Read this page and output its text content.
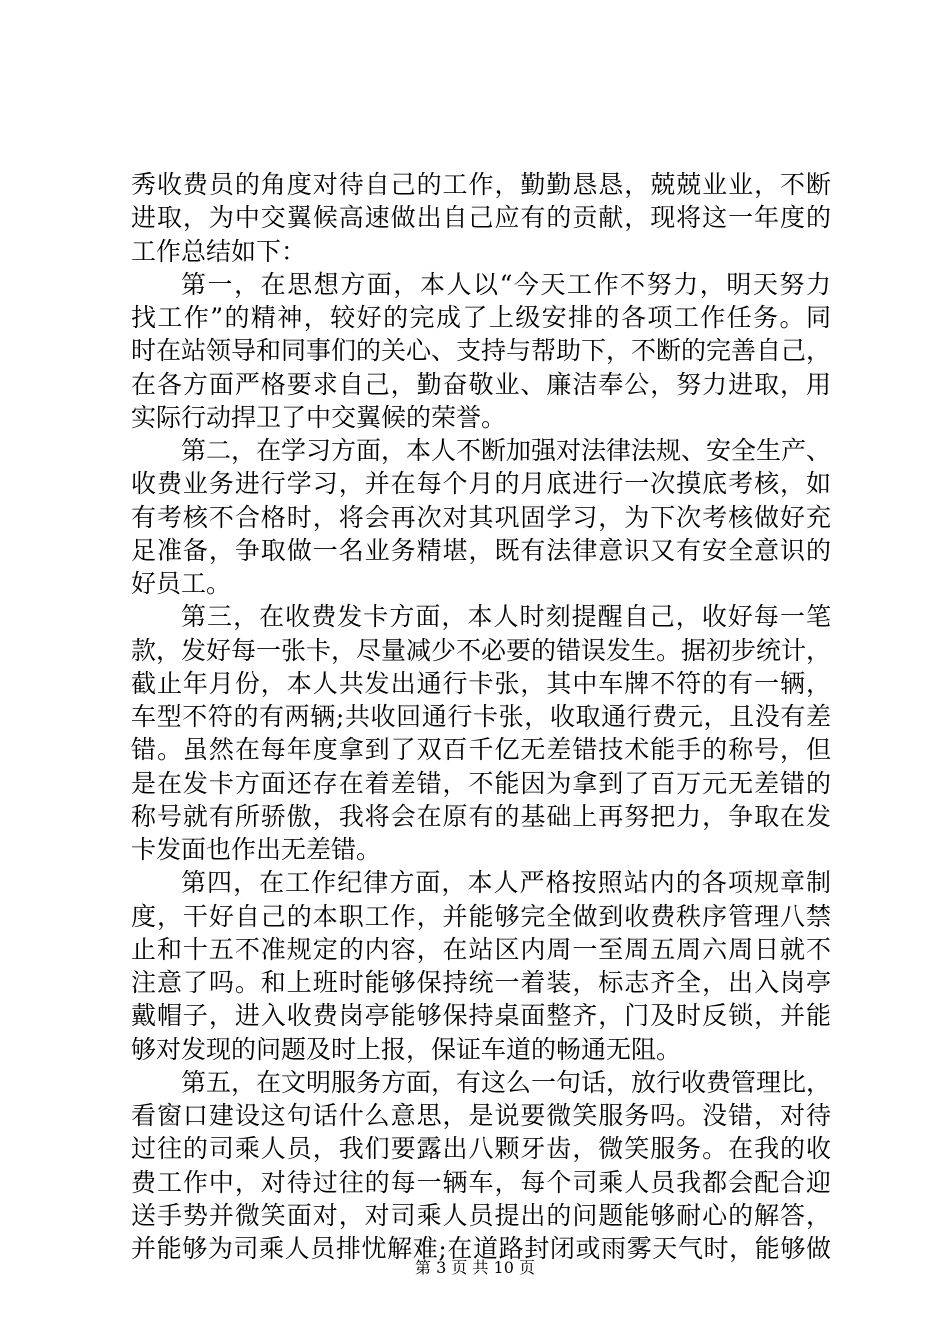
秀收费员的角度对待自己的工作，勤勤恳恳，兢兢业业，不断
进取，为中交翼候高速做出自己应有的贡献，现将这一年度的
工作总结如下：
第一，在思想方面，本人以“今天工作不努力，明天努力
找工作”的精神，较好的完成了上级安排的各项工作任务。同
时在站领导和同事们的关心、支持与帮助下，不断的完善自己，
在各方面严格要求自己，勤奋敬业、廉洁奉公，努力进取，用
实际行动捍卫了中交翼候的荣誉。
第二，在学习方面，本人不断加强对法律法规、安全生产、
收费业务进行学习，并在每个月的月底进行一次摸底考核，如
有考核不合格时，将会再次对其巩固学习，为下次考核做好充
足准备，争取做一名业务精堪，既有法律意识又有安全意识的
好员工。
第三，在收费发卡方面，本人时刻提醒自己，收好每一笔
款，发好每一张卡，尽量减少不必要的错误发生。据初步统计，
截止年月份，本人共发出通行卡张，其中车牌不符的有一辆，
车型不符的有两辆;共收回通行卡张，收取通行费元，且没有差
错。虽然在每年度拿到了双百千亿无差错技术能手的称号，但
是在发卡方面还存在着差错，不能因为拿到了百万元无差错的
称号就有所骄傲，我将会在原有的基础上再努把力，争取在发
卡发面也作出无差错。
第四，在工作纪律方面，本人严格按照站内的各项规章制
度，干好自己的本职工作，并能够完全做到收费秩序管理八禁
止和十五不准规定的内容，在站区内周一至周五周六周日就不
注意了吗。和上班时能够保持统一着装，标志齐全，出入岗亭
戴帽子，进入收费岗亭能够保持桌面整齐，门及时反锁，并能
够对发现的问题及时上报，保证车道的畅通无阻。
第五，在文明服务方面，有这么一句话，放行收费管理比，
看窗口建设这句话什么意思，是说要微笑服务吗。没错，对待
过往的司乘人员，我们要露出八颗牙齿，微笑服务。在我的收
费工作中，对待过往的每一辆车，每个司乘人员我都会配合迎
送手势并微笑面对，对司乘人员提出的问题能够耐心的解答，
并能够为司乘人员排忧解难;在道路封闭或雨雾天气时，能够做
第 3 页 共 10 页
